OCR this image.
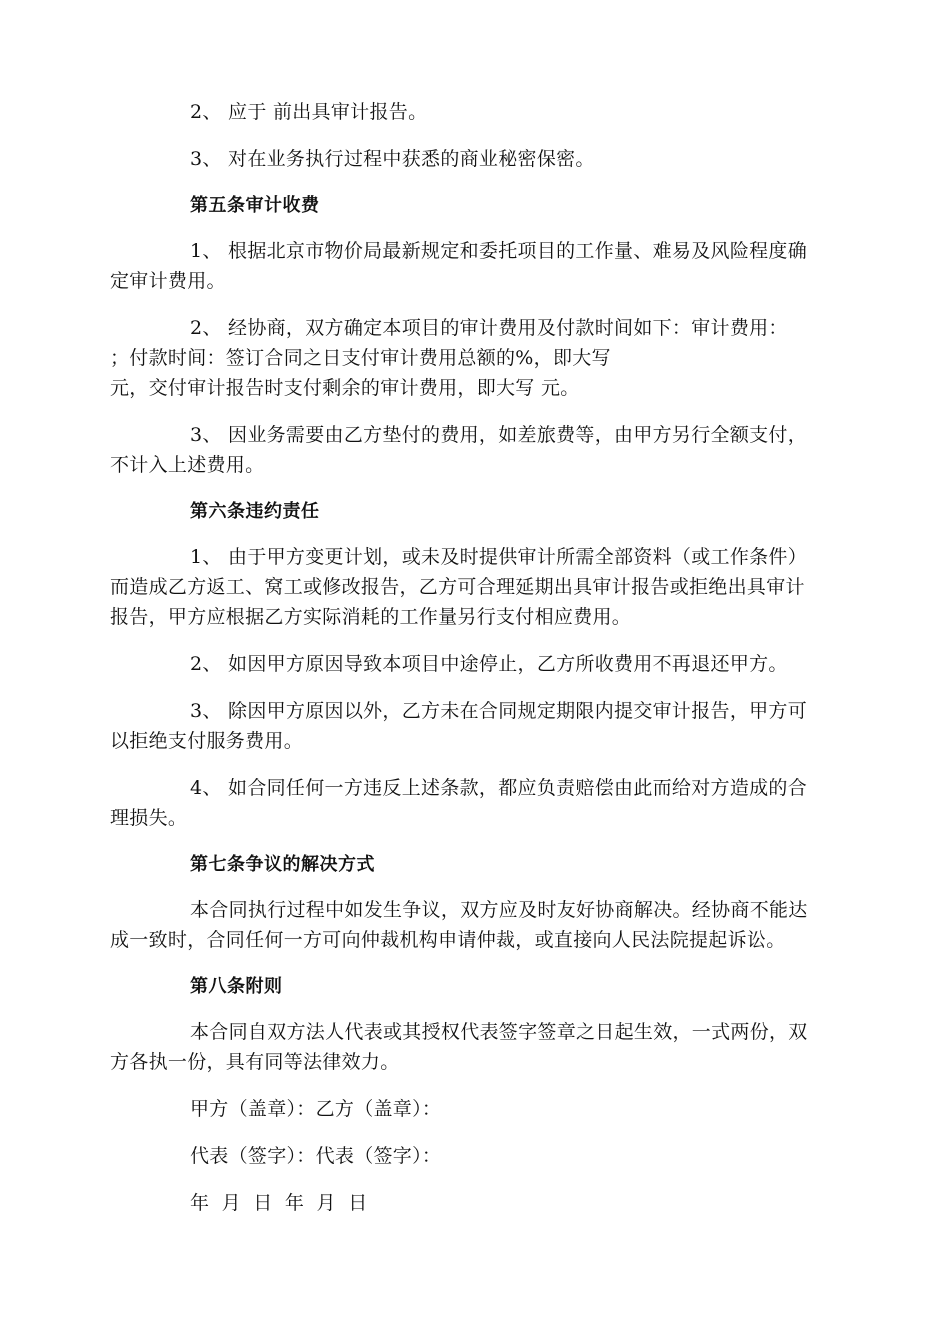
2、 应于 前出具审计报告。

3、 对在业务执行过程中获悉的商业秘密保密。

第五条审计收费

1、 根据北京市物价局最新规定和委托项目的工作量、难易及风险程度确
定审计费用。

2、 经协商，双方确定本项目的审计费用及付款时间如下：审计费用：
；付款时间：签订合同之日支付审计费用总额的%，即大写
元，交付审计报告时支付剩余的审计费用，即大写 元。

3、 因业务需要由乙方垫付的费用，如差旅费等，由甲方另行全额支付，
不计入上述费用。

第六条违约责任

1、 由于甲方变更计划，或未及时提供审计所需全部资料（或工作条件）
而造成乙方返工、窝工或修改报告，乙方可合理延期出具审计报告或拒绝出具审计
报告，甲方应根据乙方实际消耗的工作量另行支付相应费用。

2、 如因甲方原因导致本项目中途停止，乙方所收费用不再退还甲方。

3、 除因甲方原因以外，乙方未在合同规定期限内提交审计报告，甲方可
以拒绝支付服务费用。

4、 如合同任何一方违反上述条款，都应负责赔偿由此而给对方造成的合
理损失。

第七条争议的解决方式

本合同执行过程中如发生争议，双方应及时友好协商解决。经协商不能达
成一致时，合同任何一方可向仲裁机构申请仲裁，或直接向人民法院提起诉讼。

第八条附则

本合同自双方法人代表或其授权代表签字签章之日起生效，一式两份，双
方各执一份，具有同等法律效力。

甲方（盖章）：乙方（盖章）：

代表（签字）：代表（签字）：

年 月 日 年 月 日
